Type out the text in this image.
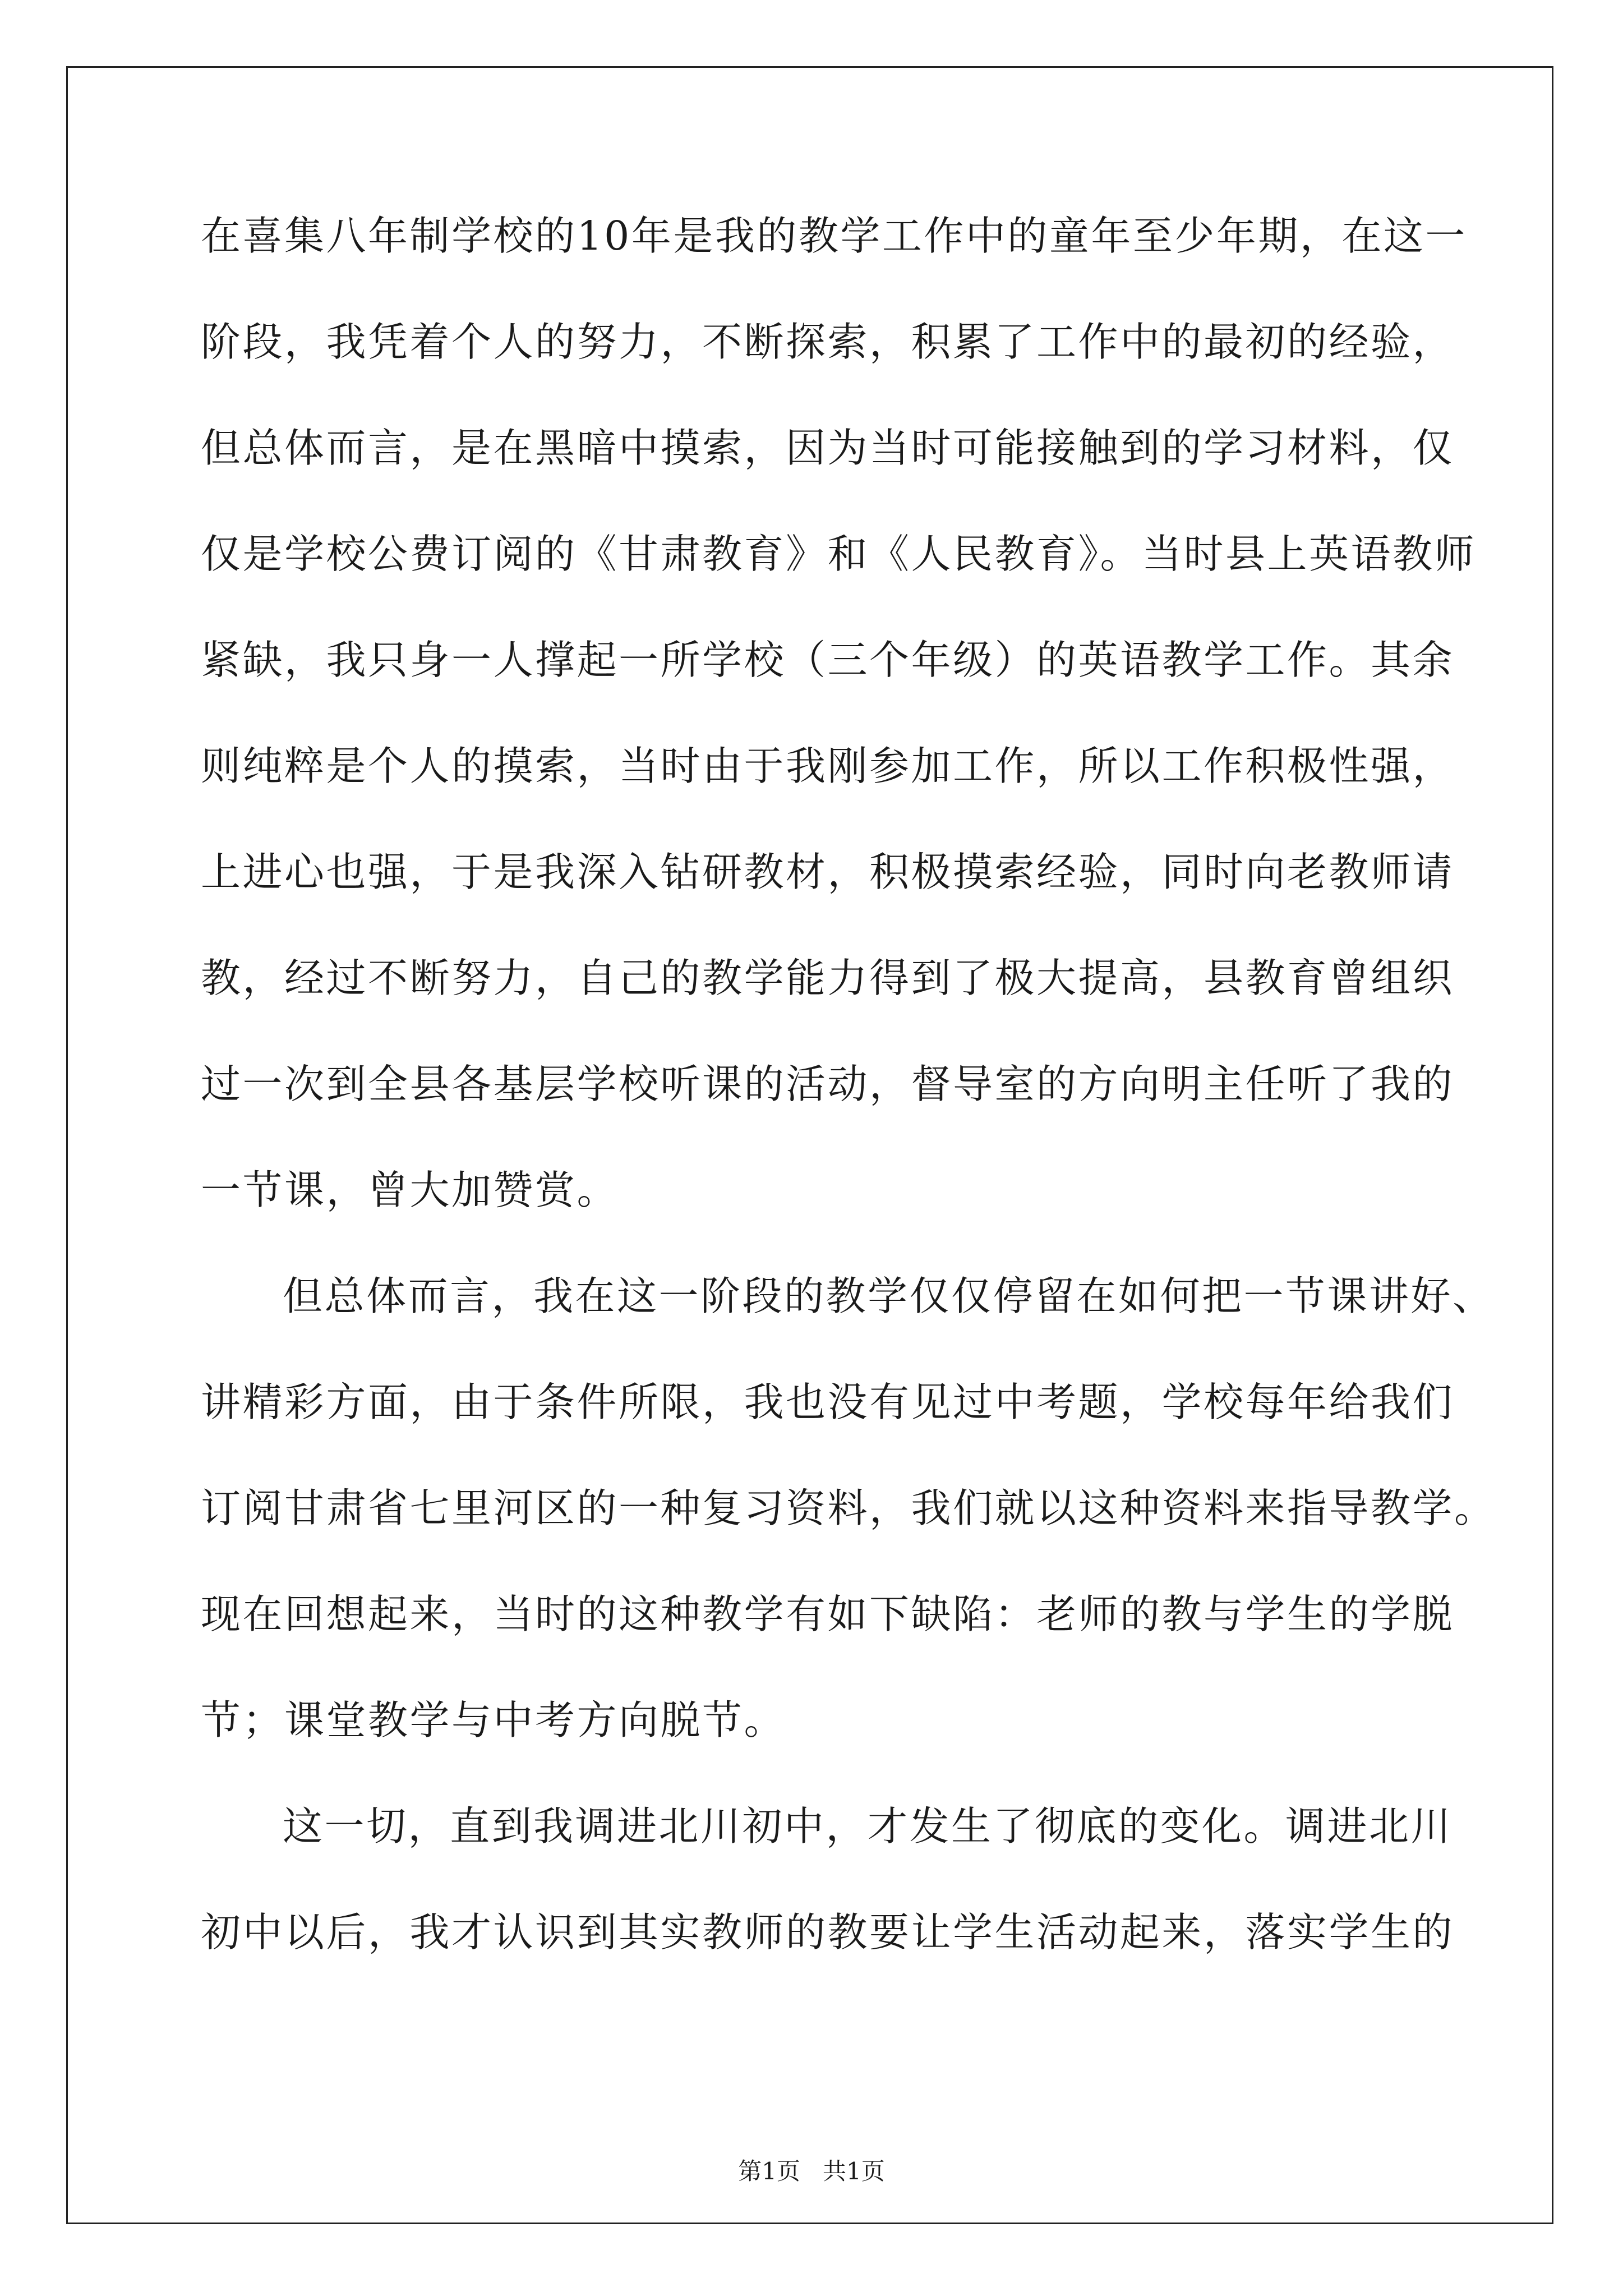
在喜集八年制学校的10年是我的教学工作中的童年至少年期，在这一
阶段，我凭着个人的努力，不断探索，积累了工作中的最初的经验，
但总体而言，是在黑暗中摸索，因为当时可能接触到的学习材料，仅
仅是学校公费订阅的《甘肃教育》和《人民教育》。当时县上英语教师
紧缺，我只身一人撑起一所学校（三个年级）的英语教学工作。其余
则纯粹是个人的摸索，当时由于我刚参加工作，所以工作积极性强，
上进心也强，于是我深入钻研教材，积极摸索经验，同时向老教师请
教，经过不断努力，自己的教学能力得到了极大提高，县教育曾组织
过一次到全县各基层学校听课的活动，督导室的方向明主任听了我的
一节课，曾大加赞赏。
但总体而言，我在这一阶段的教学仅仅停留在如何把一节课讲好、
讲精彩方面，由于条件所限，我也没有见过中考题，学校每年给我们
订阅甘肃省七里河区的一种复习资料，我们就以这种资料来指导教学。
现在回想起来，当时的这种教学有如下缺陷：老师的教与学生的学脱
节；课堂教学与中考方向脱节。
这一切，直到我调进北川初中，才发生了彻底的变化。调进北川
初中以后，我才认识到其实教师的教要让学生活动起来，落实学生的
第1页   共1页
